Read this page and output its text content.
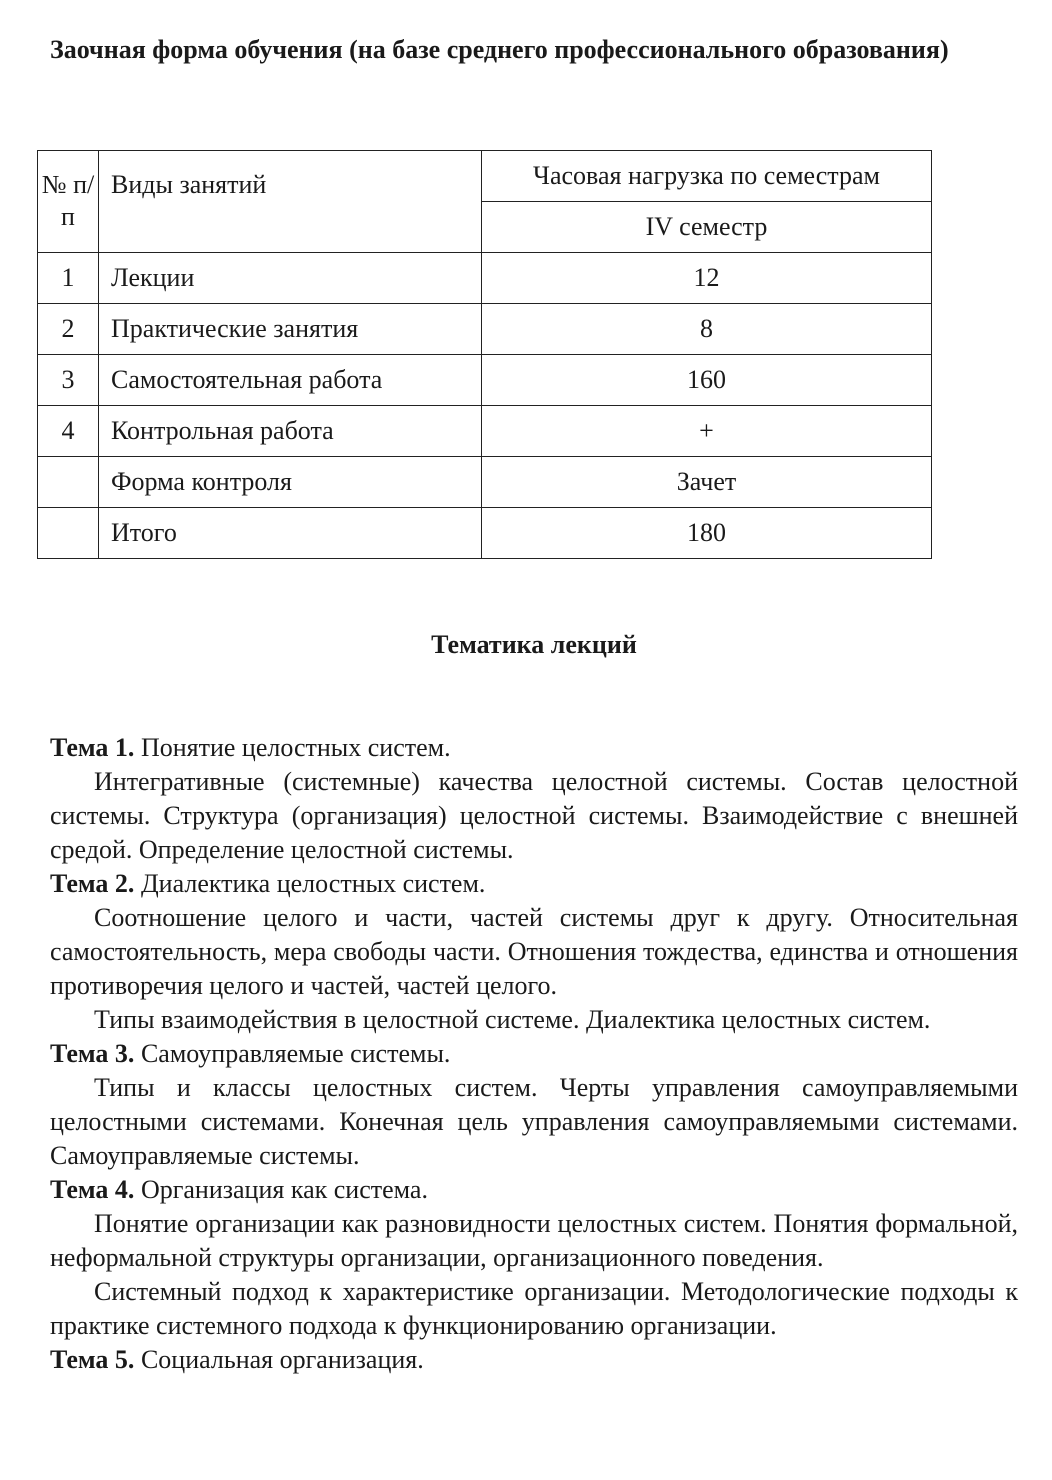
Заочная форма обучения (на базе среднего профессионального образования)
№ п/п	Виды занятий	Часовая нагрузка по семестрам
		IV семестр
1	Лекции	12
2	Практические занятия	8
3	Самостоятельная работа	160
4	Контрольная работа	+
	Форма контроля	Зачет
	Итого	180
Тематика лекций

Тема 1. Понятие целостных систем.

Интегративные (системные) качества целостной системы. Состав целостной системы. Структура (организация) целостной системы. Взаимодействие с внешней средой. Определение целостной системы.

Тема 2. Диалектика целостных систем.

Соотношение целого и части, частей системы друг к другу. Относительная самостоятельность, мера свободы части. Отношения тождества, единства и отношения противоречия целого и частей, частей целого.

Типы взаимодействия в целостной системе. Диалектика целостных систем.

Тема 3. Самоуправляемые системы.

Типы и классы целостных систем. Черты управления самоуправляемыми целостными системами. Конечная цель управления самоуправляемыми системами. Самоуправляемые системы.

Тема 4. Организация как система.

Понятие организации как разновидности целостных систем. Понятия формальной, неформальной структуры организации, организационного поведения.

Системный подход к характеристике организации. Методологические подходы к практике системного подхода к функционированию организации.

Тема 5. Социальная организация.
